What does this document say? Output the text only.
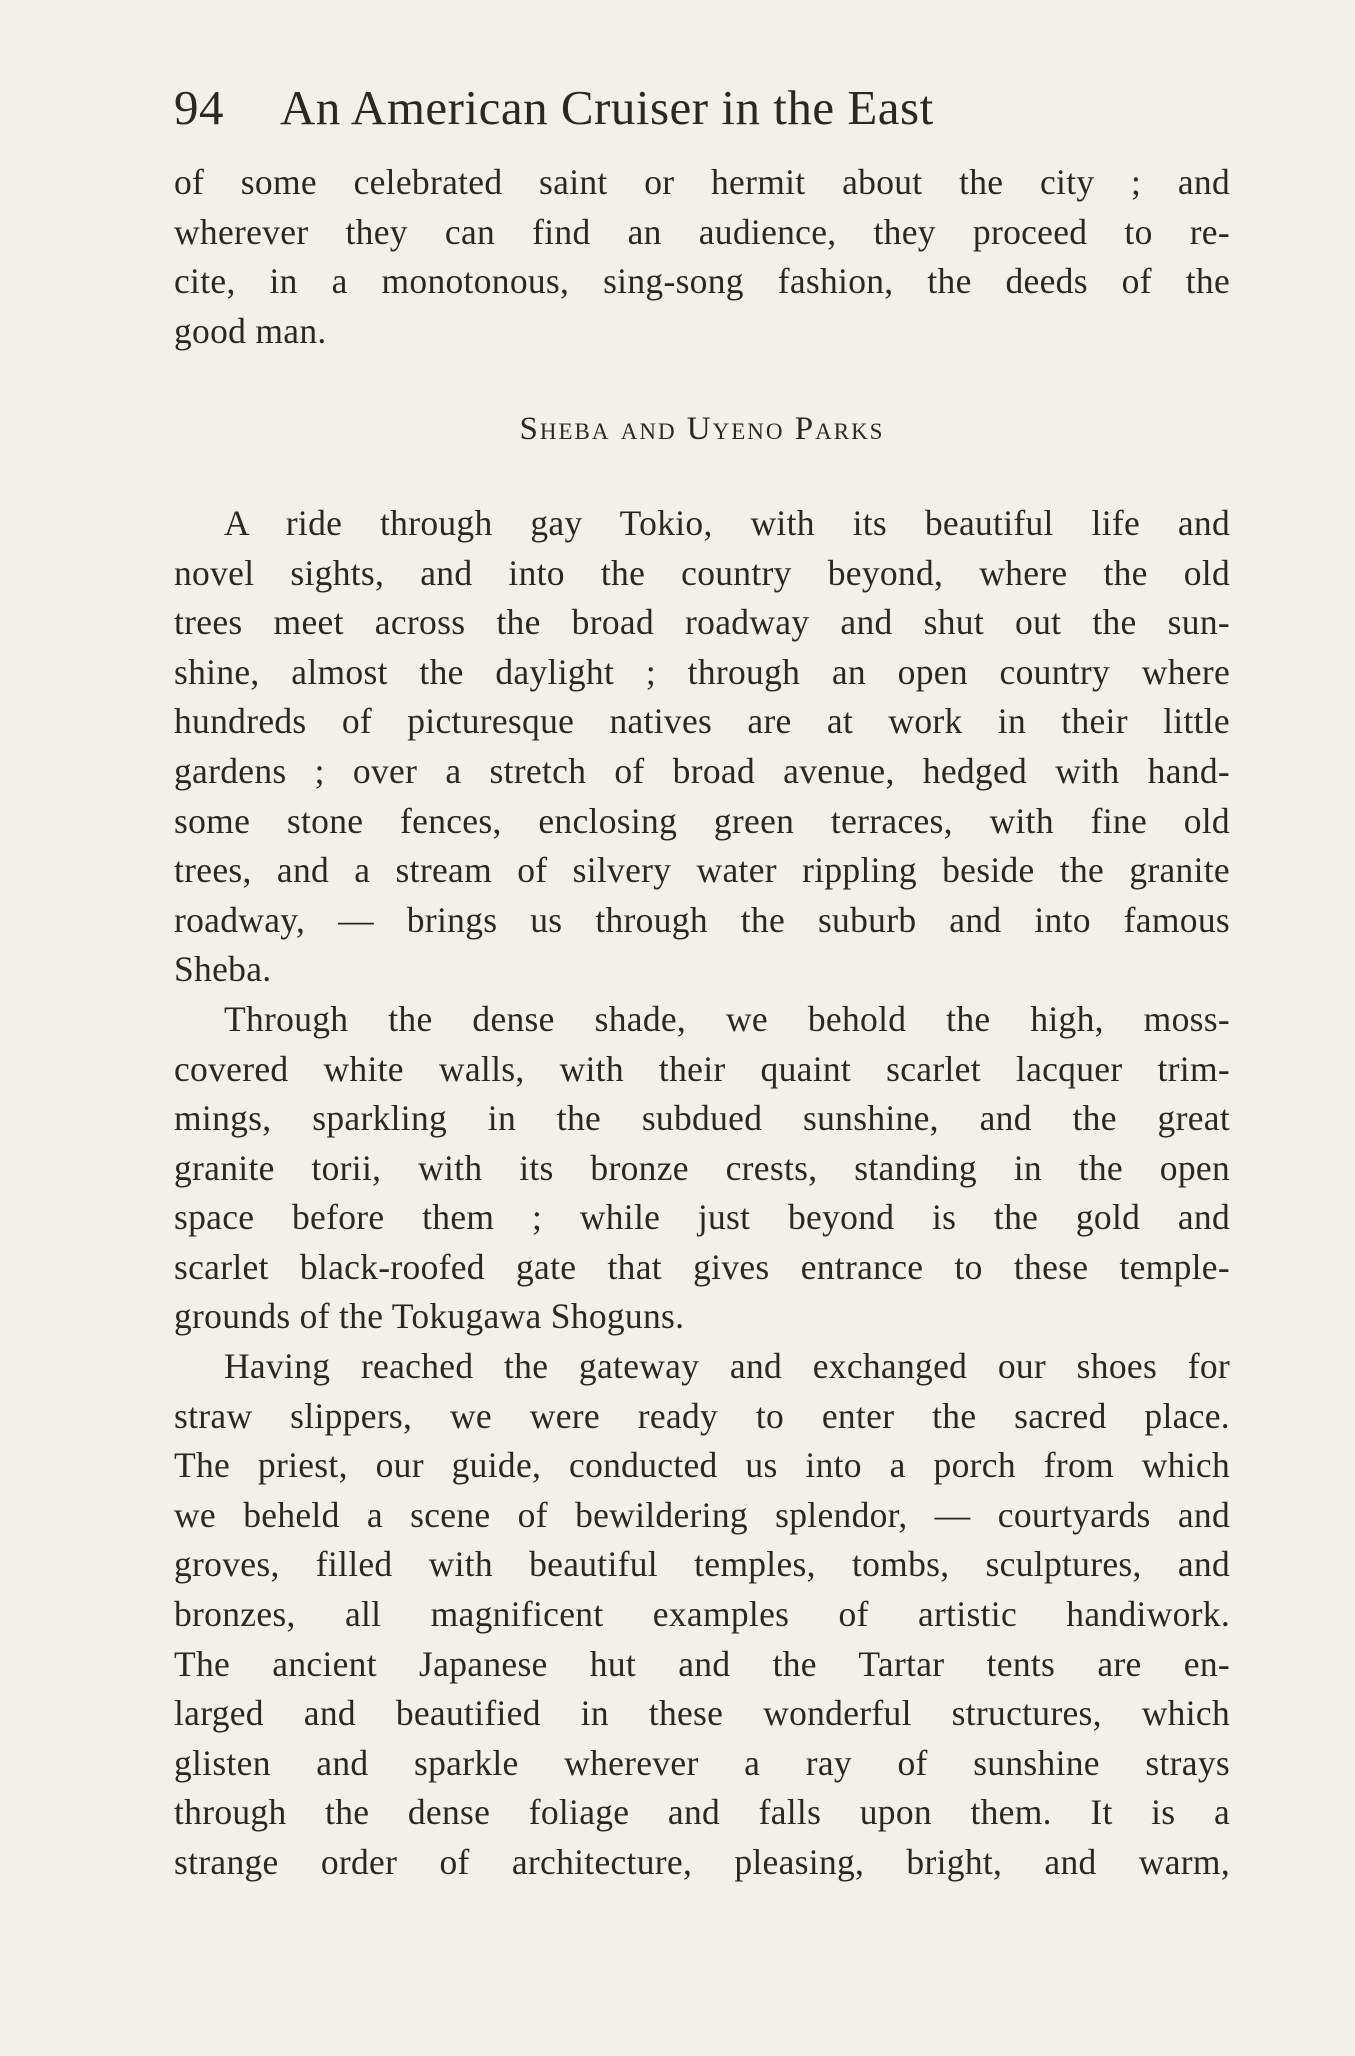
94 An American Cruiser in the East
of some celebrated saint or hermit about the city ; and
wherever they can find an audience, they proceed to re-
cite, in a monotonous, sing-song fashion, the deeds of the
good man.
Sheba and Uyeno Parks
A ride through gay Tokio, with its beautiful life and
novel sights, and into the country beyond, where the old
trees meet across the broad roadway and shut out the sun-
shine, almost the daylight ; through an open country where
hundreds of picturesque natives are at work in their little
gardens ; over a stretch of broad avenue, hedged with hand-
some stone fences, enclosing green terraces, with fine old
trees, and a stream of silvery water rippling beside the granite
roadway, — brings us through the suburb and into famous
Sheba.
Through the dense shade, we behold the high, moss-
covered white walls, with their quaint scarlet lacquer trim-
mings, sparkling in the subdued sunshine, and the great
granite torii, with its bronze crests, standing in the open
space before them ; while just beyond is the gold and
scarlet black-roofed gate that gives entrance to these temple-
grounds of the Tokugawa Shoguns.
Having reached the gateway and exchanged our shoes for
straw slippers, we were ready to enter the sacred place.
The priest, our guide, conducted us into a porch from which
we beheld a scene of bewildering splendor, — courtyards and
groves, filled with beautiful temples, tombs, sculptures, and
bronzes, all magnificent examples of artistic handiwork.
The ancient Japanese hut and the Tartar tents are en-
larged and beautified in these wonderful structures, which
glisten and sparkle wherever a ray of sunshine strays
through the dense foliage and falls upon them. It is a
strange order of architecture, pleasing, bright, and warm,
